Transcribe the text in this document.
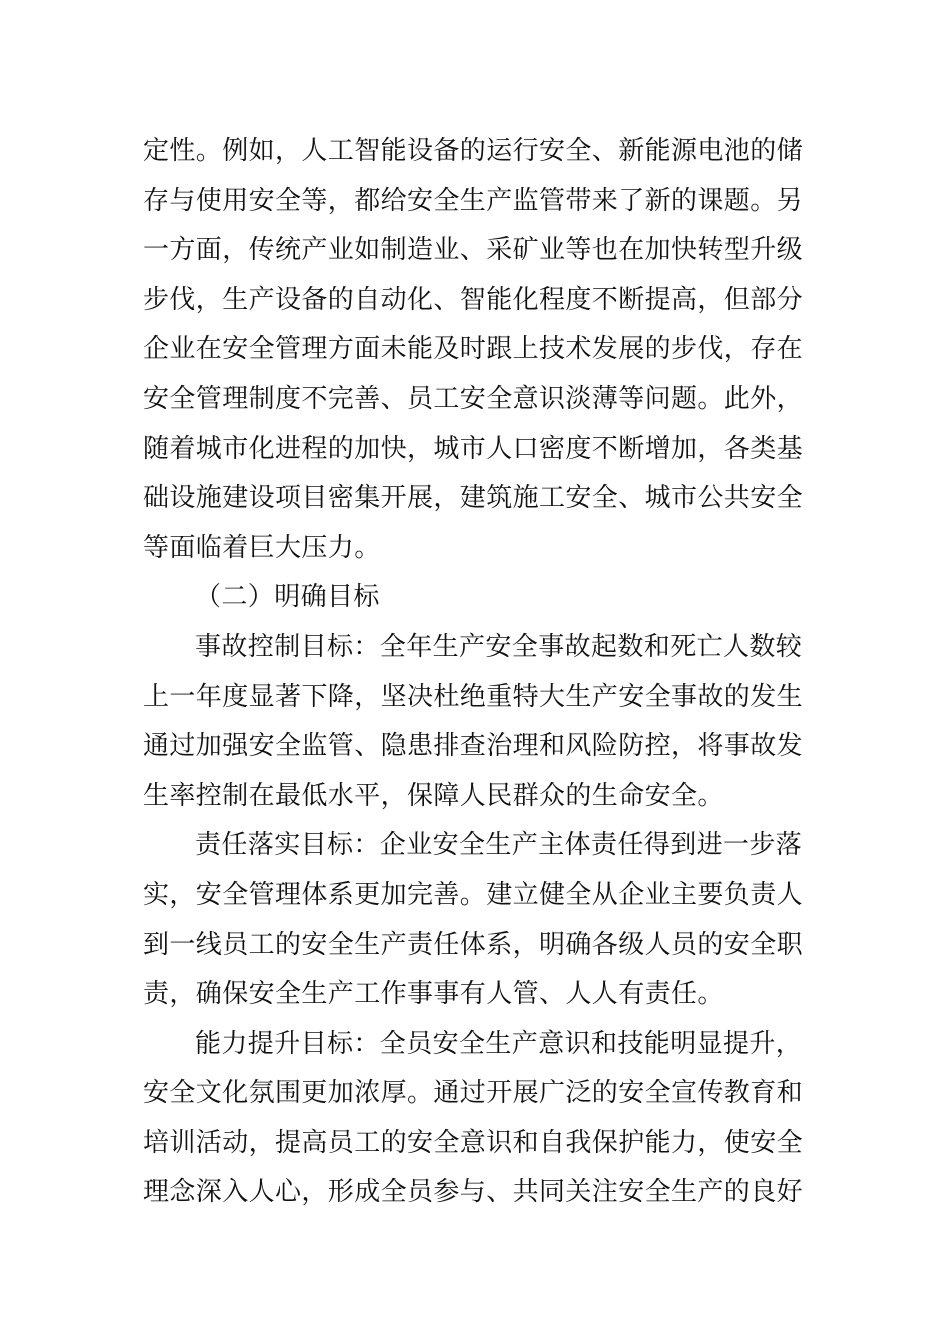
定性。例如，人工智能设备的运行安全、新能源电池的储
存与使用安全等，都给安全生产监管带来了新的课题。另
一方面，传统产业如制造业、采矿业等也在加快转型升级
步伐，生产设备的自动化、智能化程度不断提高，但部分
企业在安全管理方面未能及时跟上技术发展的步伐，存在
安全管理制度不完善、员工安全意识淡薄等问题。此外，
随着城市化进程的加快，城市人口密度不断增加，各类基
础设施建设项目密集开展，建筑施工安全、城市公共安全
等面临着巨大压力。

（二）明确目标

事故控制目标：全年生产安全事故起数和死亡人数较
上一年度显著下降，坚决杜绝重特大生产安全事故的发生
通过加强安全监管、隐患排查治理和风险防控，将事故发
生率控制在最低水平，保障人民群众的生命安全。

责任落实目标：企业安全生产主体责任得到进一步落
实，安全管理体系更加完善。建立健全从企业主要负责人
到一线员工的安全生产责任体系，明确各级人员的安全职
责，确保安全生产工作事事有人管、人人有责任。

能力提升目标：全员安全生产意识和技能明显提升，
安全文化氛围更加浓厚。通过开展广泛的安全宣传教育和
培训活动，提高员工的安全意识和自我保护能力，使安全
理念深入人心，形成全员参与、共同关注安全生产的良好
